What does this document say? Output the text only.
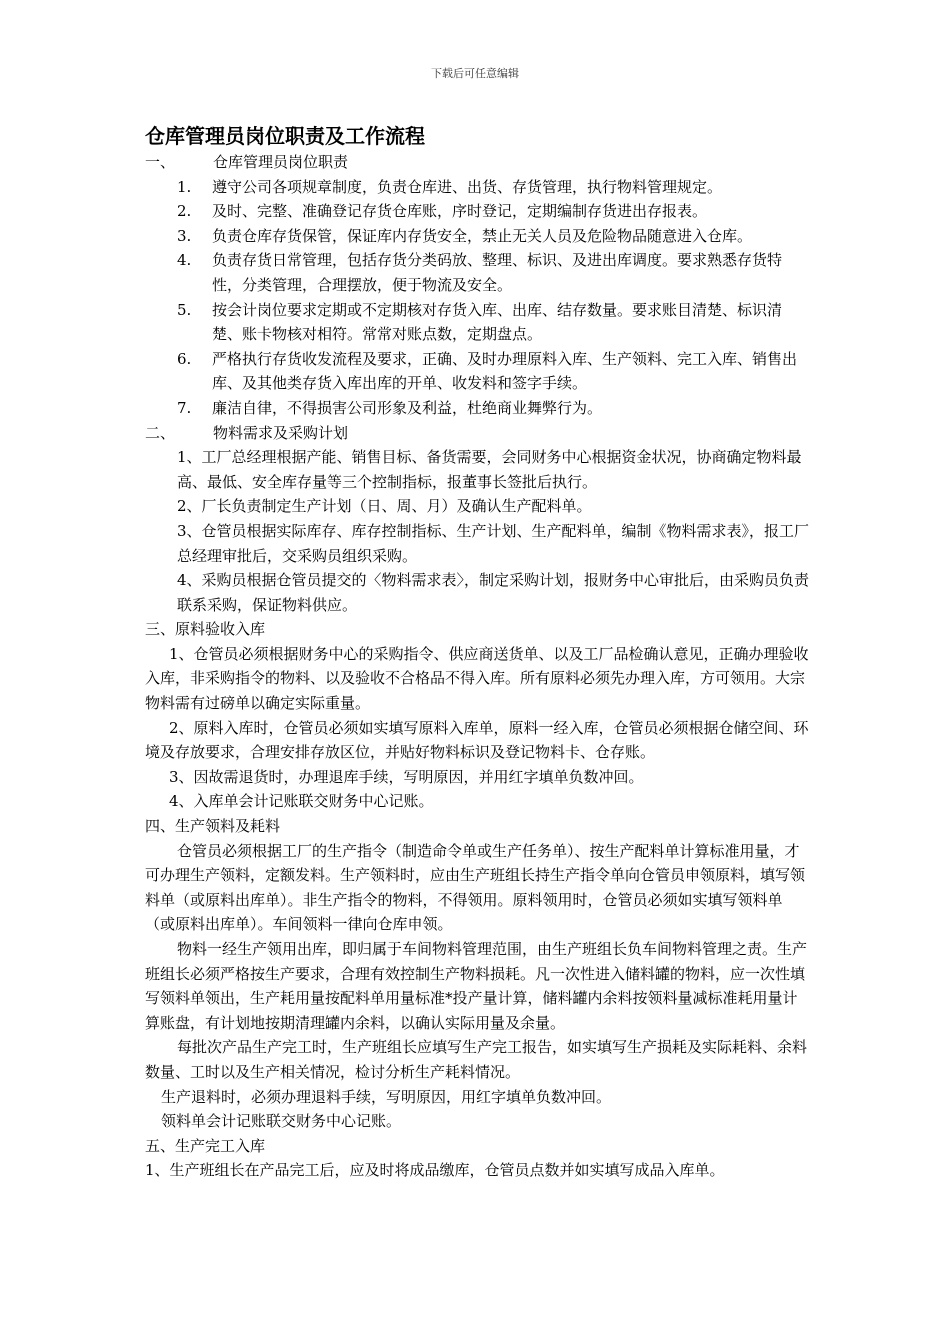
下载后可任意编辑
仓库管理员岗位职责及工作流程
一、	仓库管理员岗位职责
1. 遵守公司各项规章制度，负责仓库进、出货、存货管理，执行物料管理规定。
2. 及时、完整、准确登记存货仓库账，序时登记，定期编制存货进出存报表。
3. 负责仓库存货保管，保证库内存货安全，禁止无关人员及危险物品随意进入仓库。
4. 负责存货日常管理，包括存货分类码放、整理、标识、及进出库调度。要求熟悉存货特性，分类管理，合理摆放，便于物流及安全。
5. 按会计岗位要求定期或不定期核对存货入库、出库、结存数量。要求账目清楚、标识清楚、账卡物核对相符。常常对账点数，定期盘点。
6. 严格执行存货收发流程及要求，正确、及时办理原料入库、生产领料、完工入库、销售出库、及其他类存货入库出库的开单、收发料和签字手续。
7. 廉洁自律，不得损害公司形象及利益，杜绝商业舞弊行为。
二、	物料需求及采购计划

1、工厂总经理根据产能、销售目标、备货需要，会同财务中心根据资金状况，协商确定物料最高、最低、安全库存量等三个控制指标，报董事长签批后执行。

2、厂长负责制定生产计划（日、周、月）及确认生产配料单。

3、仓管员根据实际库存、库存控制指标、生产计划、生产配料单，编制《物料需求表》，报工厂总经理审批后，交采购员组织采购。

4、采购员根据仓管员提交的〈物料需求表〉，制定采购计划，报财务中心审批后，由采购员负责联系采购，保证物料供应。

三、原料验收入库

1、仓管员必须根据财务中心的采购指令、供应商送货单、以及工厂品检确认意见，正确办理验收入库，非采购指令的物料、以及验收不合格品不得入库。所有原料必须先办理入库，方可领用。大宗物料需有过磅单以确定实际重量。

2、原料入库时，仓管员必须如实填写原料入库单，原料一经入库，仓管员必须根据仓储空间、环境及存放要求，合理安排存放区位，并贴好物料标识及登记物料卡、仓存账。

3、因故需退货时，办理退库手续，写明原因，并用红字填单负数冲回。

4、入库单会计记账联交财务中心记账。

四、生产领料及耗料

仓管员必须根据工厂的生产指令（制造命令单或生产任务单）、按生产配料单计算标准用量，才可办理生产领料，定额发料。生产领料时，应由生产班组长持生产指令单向仓管员申领原料，填写领料单（或原料出库单）。非生产指令的物料，不得领用。原料领用时，仓管员必须如实填写领料单（或原料出库单）。车间领料一律向仓库申领。

物料一经生产领用出库，即归属于车间物料管理范围，由生产班组长负车间物料管理之责。生产班组长必须严格按生产要求，合理有效控制生产物料损耗。凡一次性进入储料罐的物料，应一次性填写领料单领出，生产耗用量按配料单用量标准*投产量计算，储料罐内余料按领料量减标准耗用量计算账盘，有计划地按期清理罐内余料，以确认实际用量及余量。

每批次产品生产完工时，生产班组长应填写生产完工报告，如实填写生产损耗及实际耗料、余料数量、工时以及生产相关情况，检讨分析生产耗料情况。

生产退料时，必须办理退料手续，写明原因，用红字填单负数冲回。

领料单会计记账联交财务中心记账。

五、生产完工入库

1、生产班组长在产品完工后，应及时将成品缴库，仓管员点数并如实填写成品入库单。
